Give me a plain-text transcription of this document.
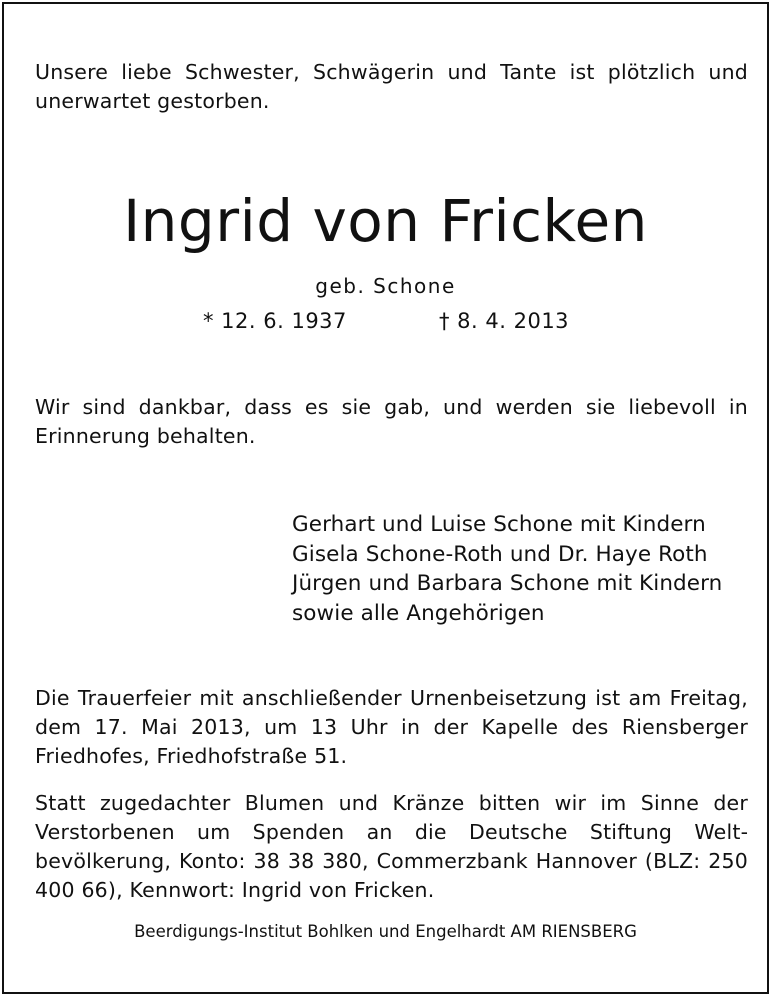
Unsere liebe Schwester, Schwägerin und Tante ist plötzlich und unerwartet gestorben.

Ingrid von Fricken
geb. Schone
* 12. 6. 1937	† 8. 4. 2013

Wir sind dankbar, dass es sie gab, und werden sie liebevoll in Erinnerung behalten.

Gerhart und Luise Schone mit Kindern
Gisela Schone-Roth und Dr. Haye Roth
Jürgen und Barbara Schone mit Kindern
sowie alle Angehörigen

Die Trauerfeier mit anschließender Urnenbeisetzung ist am Freitag, dem 17. Mai 2013, um 13 Uhr in der Kapelle des Riensberger Friedhofes, Friedhofstraße 51.

Statt zugedachter Blumen und Kränze bitten wir im Sinne der Verstorbenen um Spenden an die Deutsche Stiftung Weltbevölkerung, Konto: 38 38 380, Commerzbank Hannover (BLZ: 250 400 66), Kennwort: Ingrid von Fricken.

Beerdigungs-Institut Bohlken und Engelhardt AM RIENSBERG
